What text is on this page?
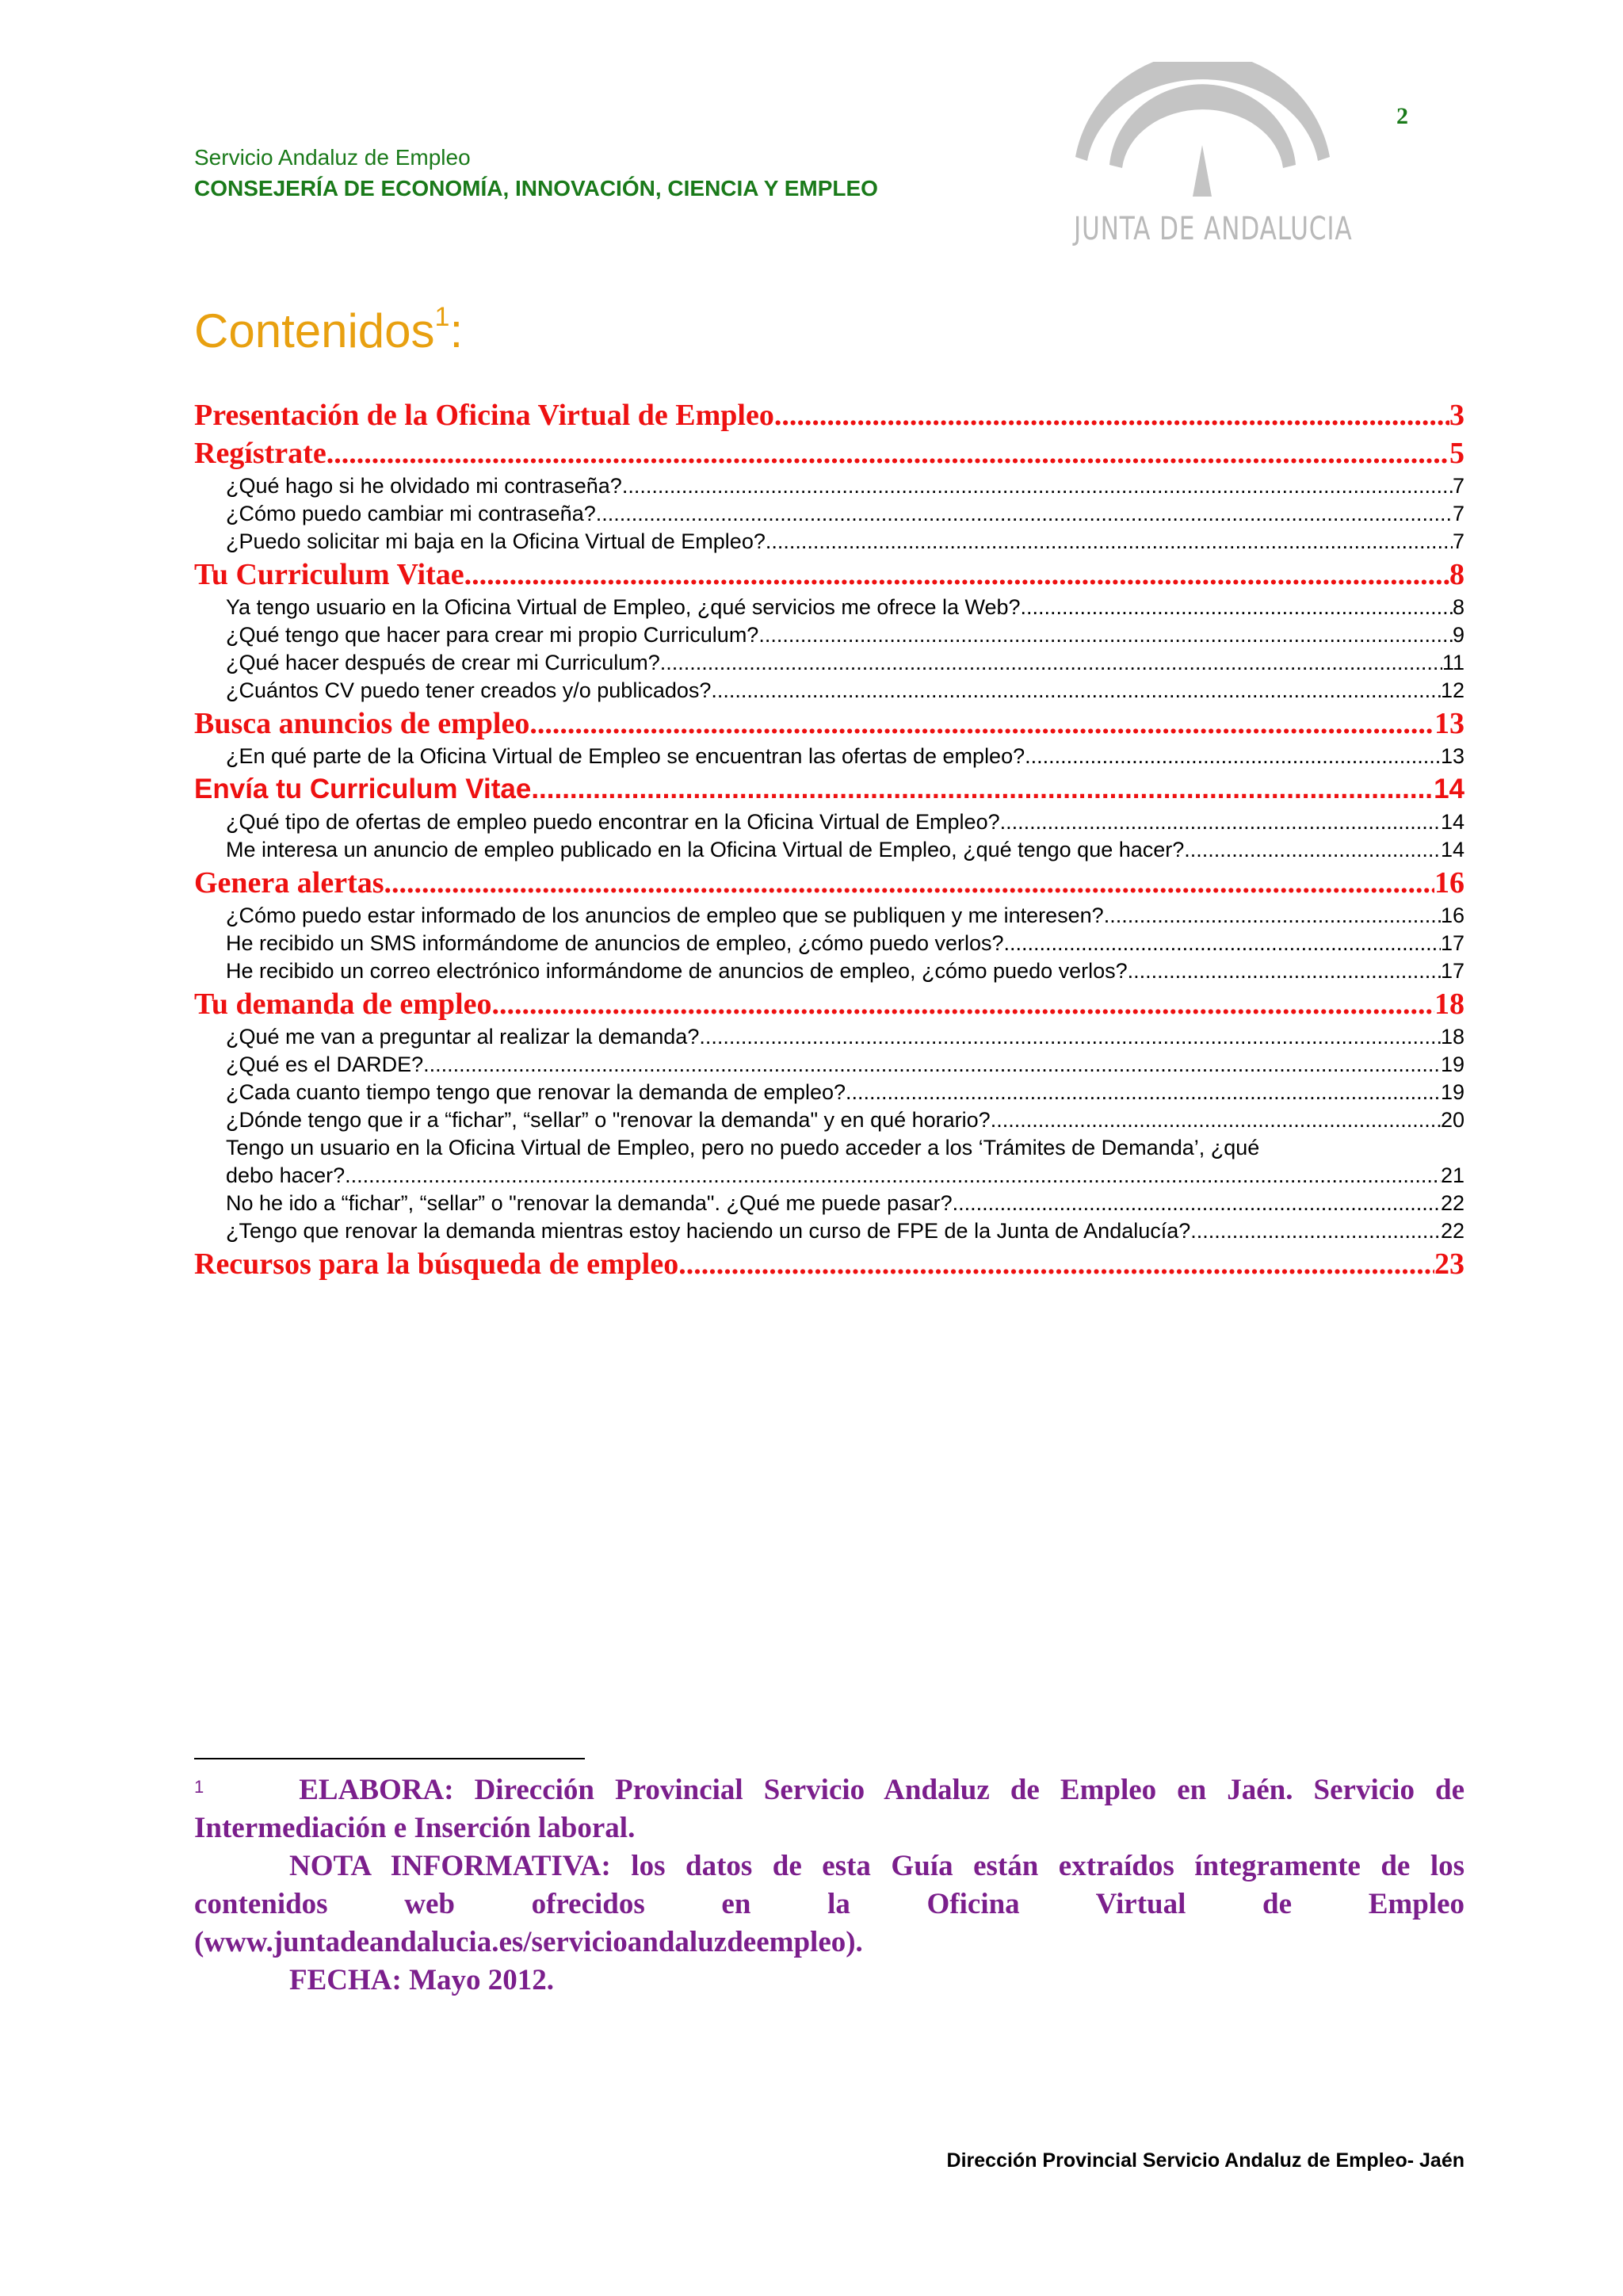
Servicio Andaluz de Empleo
CONSEJERÍA DE ECONOMÍA, INNOVACIÓN, CIENCIA Y EMPLEO
2
JUNTA DE ANDALUCIA
Contenidos$^1$:
Presentación de la Oficina Virtual de Empleo .....	3
Regístrate .....	5
¿Qué hago si he olvidado mi contraseña? .....	7
¿Cómo puedo cambiar mi contraseña? .....	7
¿Puedo solicitar mi baja en la Oficina Virtual de Empleo? .....	7
Tu Curriculum Vitae .....	8
Ya tengo usuario en la Oficina Virtual de Empleo, ¿qué servicios me ofrece la Web? .....	8
¿Qué tengo que hacer para crear mi propio Curriculum? .....	9
¿Qué hacer después de crear mi Curriculum? .....	11
¿Cuántos CV puedo tener creados y/o publicados? .....	12
Busca anuncios de empleo .....	13
¿En qué parte de la Oficina Virtual de Empleo se encuentran las ofertas de empleo? .....	13
Envía tu Curriculum Vitae .....	14
¿Qué tipo de ofertas de empleo puedo encontrar en la Oficina Virtual de Empleo? .....	14
Me interesa un anuncio de empleo publicado en la Oficina Virtual de Empleo, ¿qué tengo que hacer? .....	14
Genera alertas .....	16
¿Cómo puedo estar informado de los anuncios de empleo que se publiquen y me interesen? .....	16
He recibido un SMS informándome de anuncios de empleo, ¿cómo puedo verlos? .....	17
He recibido un correo electrónico informándome de anuncios de empleo, ¿cómo puedo verlos? .....	17
Tu demanda de empleo .....	18
¿Qué me van a preguntar al realizar la demanda? .....	18
¿Qué es el DARDE? .....	19
¿Cada cuanto tiempo tengo que renovar la demanda de empleo? .....	19
¿Dónde tengo que ir a “fichar”, “sellar” o "renovar la demanda" y en qué horario? .....	20
Tengo un usuario en la Oficina Virtual de Empleo, pero no puedo acceder a los ‘Trámites de Demanda’, ¿qué
debo hacer? .....	21
No he ido a “fichar”, “sellar” o "renovar la demanda". ¿Qué me puede pasar? .....	22
¿Tengo que renovar la demanda mientras estoy haciendo un curso de FPE de la Junta de Andalucía? .....	22
Recursos para la búsqueda de empleo .....	23

$^1$	ELABORA: Dirección Provincial Servicio Andaluz de Empleo en Jaén. Servicio de

Intermediación e Inserción laboral.

NOTA INFORMATIVA: los datos de esta Guía están extraídos íntegramente de los

contenidos web ofrecidos en la Oficina Virtual de Empleo

(www.juntadeandalucia.es/servicioandaluzdeempleo).

FECHA: Mayo 2012.

Dirección Provincial Servicio Andaluz de Empleo- Jaén
